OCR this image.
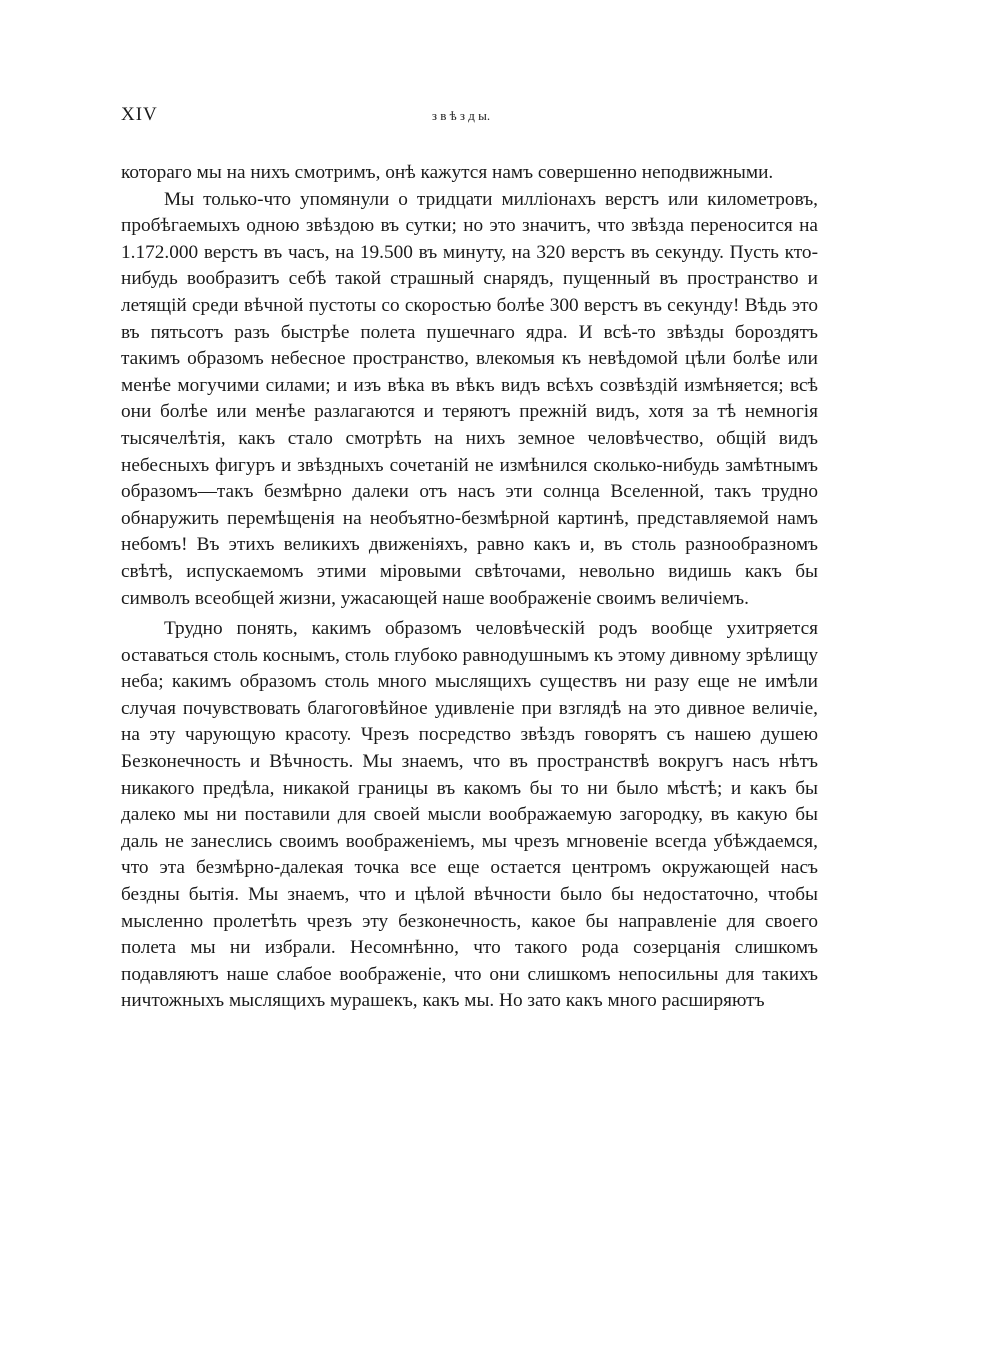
XIV	з в ѣ з д ы.

котораго мы на нихъ смотримъ, онѣ кажутся намъ совершенно неподвижными.

Мы только-что упомянули о тридцати милліонахъ верстъ или километровъ, пробѣгаемыхъ одною звѣздою въ сутки; но это значитъ, что звѣзда переносится на 1.172.000 верстъ въ часъ, на 19.500 въ минуту, на 320 верстъ въ секунду. Пусть кто-нибудь вообразитъ себѣ такой страшный снарядъ, пущенный въ пространство и летящій среди вѣчной пустоты со скоростью болѣе 300 верстъ въ секунду! Вѣдь это въ пятьсотъ разъ быстрѣе полета пушечнаго ядра. И всѣ-то звѣзды бороздятъ такимъ образомъ небесное пространство, влекомыя къ невѣдомой цѣли болѣе или менѣе могучими силами; и изъ вѣка въ вѣкъ видъ всѣхъ созвѣздій измѣняется; всѣ они болѣе или менѣе разлагаются и теряютъ прежній видъ, хотя за тѣ немногія тысячелѣтія, какъ стало смотрѣть на нихъ земное человѣчество, общій видъ небесныхъ фигуръ и звѣздныхъ сочетаній не измѣнился сколько-нибудь замѣтнымъ образомъ—такъ безмѣрно далеки отъ насъ эти солнца Вселенной, такъ трудно обнаружить перемѣщенія на необъятно-безмѣрной картинѣ, представляемой намъ небомъ! Въ этихъ великихъ движеніяхъ, равно какъ и, въ столь разнообразномъ свѣтѣ, испускаемомъ этими міровыми свѣточами, невольно видишь какъ бы символъ всеобщей жизни, ужасающей наше воображеніе своимъ величіемъ.

Трудно понять, какимъ образомъ человѣческій родъ вообще ухитряется оставаться столь коснымъ, столь глубоко равнодушнымъ къ этому дивному зрѣлищу неба; какимъ образомъ столь много мыслящихъ существъ ни разу еще не имѣли случая почувствовать благоговѣйное удивленіе при взглядѣ на это дивное величіе, на эту чарующую красоту. Чрезъ посредство звѣздъ говорятъ съ нашею душею Безконечность и Вѣчность. Мы знаемъ, что въ пространствѣ вокругъ насъ нѣтъ никакого предѣла, никакой границы въ какомъ бы то ни было мѣстѣ; и какъ бы далеко мы ни поставили для своей мысли воображаемую загородку, въ какую бы даль не занеслись своимъ воображеніемъ, мы чрезъ мгновеніе всегда убѣждаемся, что эта безмѣрно-далекая точка все еще остается центромъ окружающей насъ бездны бытія. Мы знаемъ, что и цѣлой вѣчности было бы недостаточно, чтобы мысленно пролетѣть чрезъ эту безконечность, какое бы направленіе для своего полета мы ни избрали. Несомнѣнно, что такого рода созерцанія слишкомъ подавляютъ наше слабое воображеніе, что они слишкомъ непосильны для такихъ ничтожныхъ мыслящихъ мурашекъ, какъ мы. Но зато какъ много расширяютъ
